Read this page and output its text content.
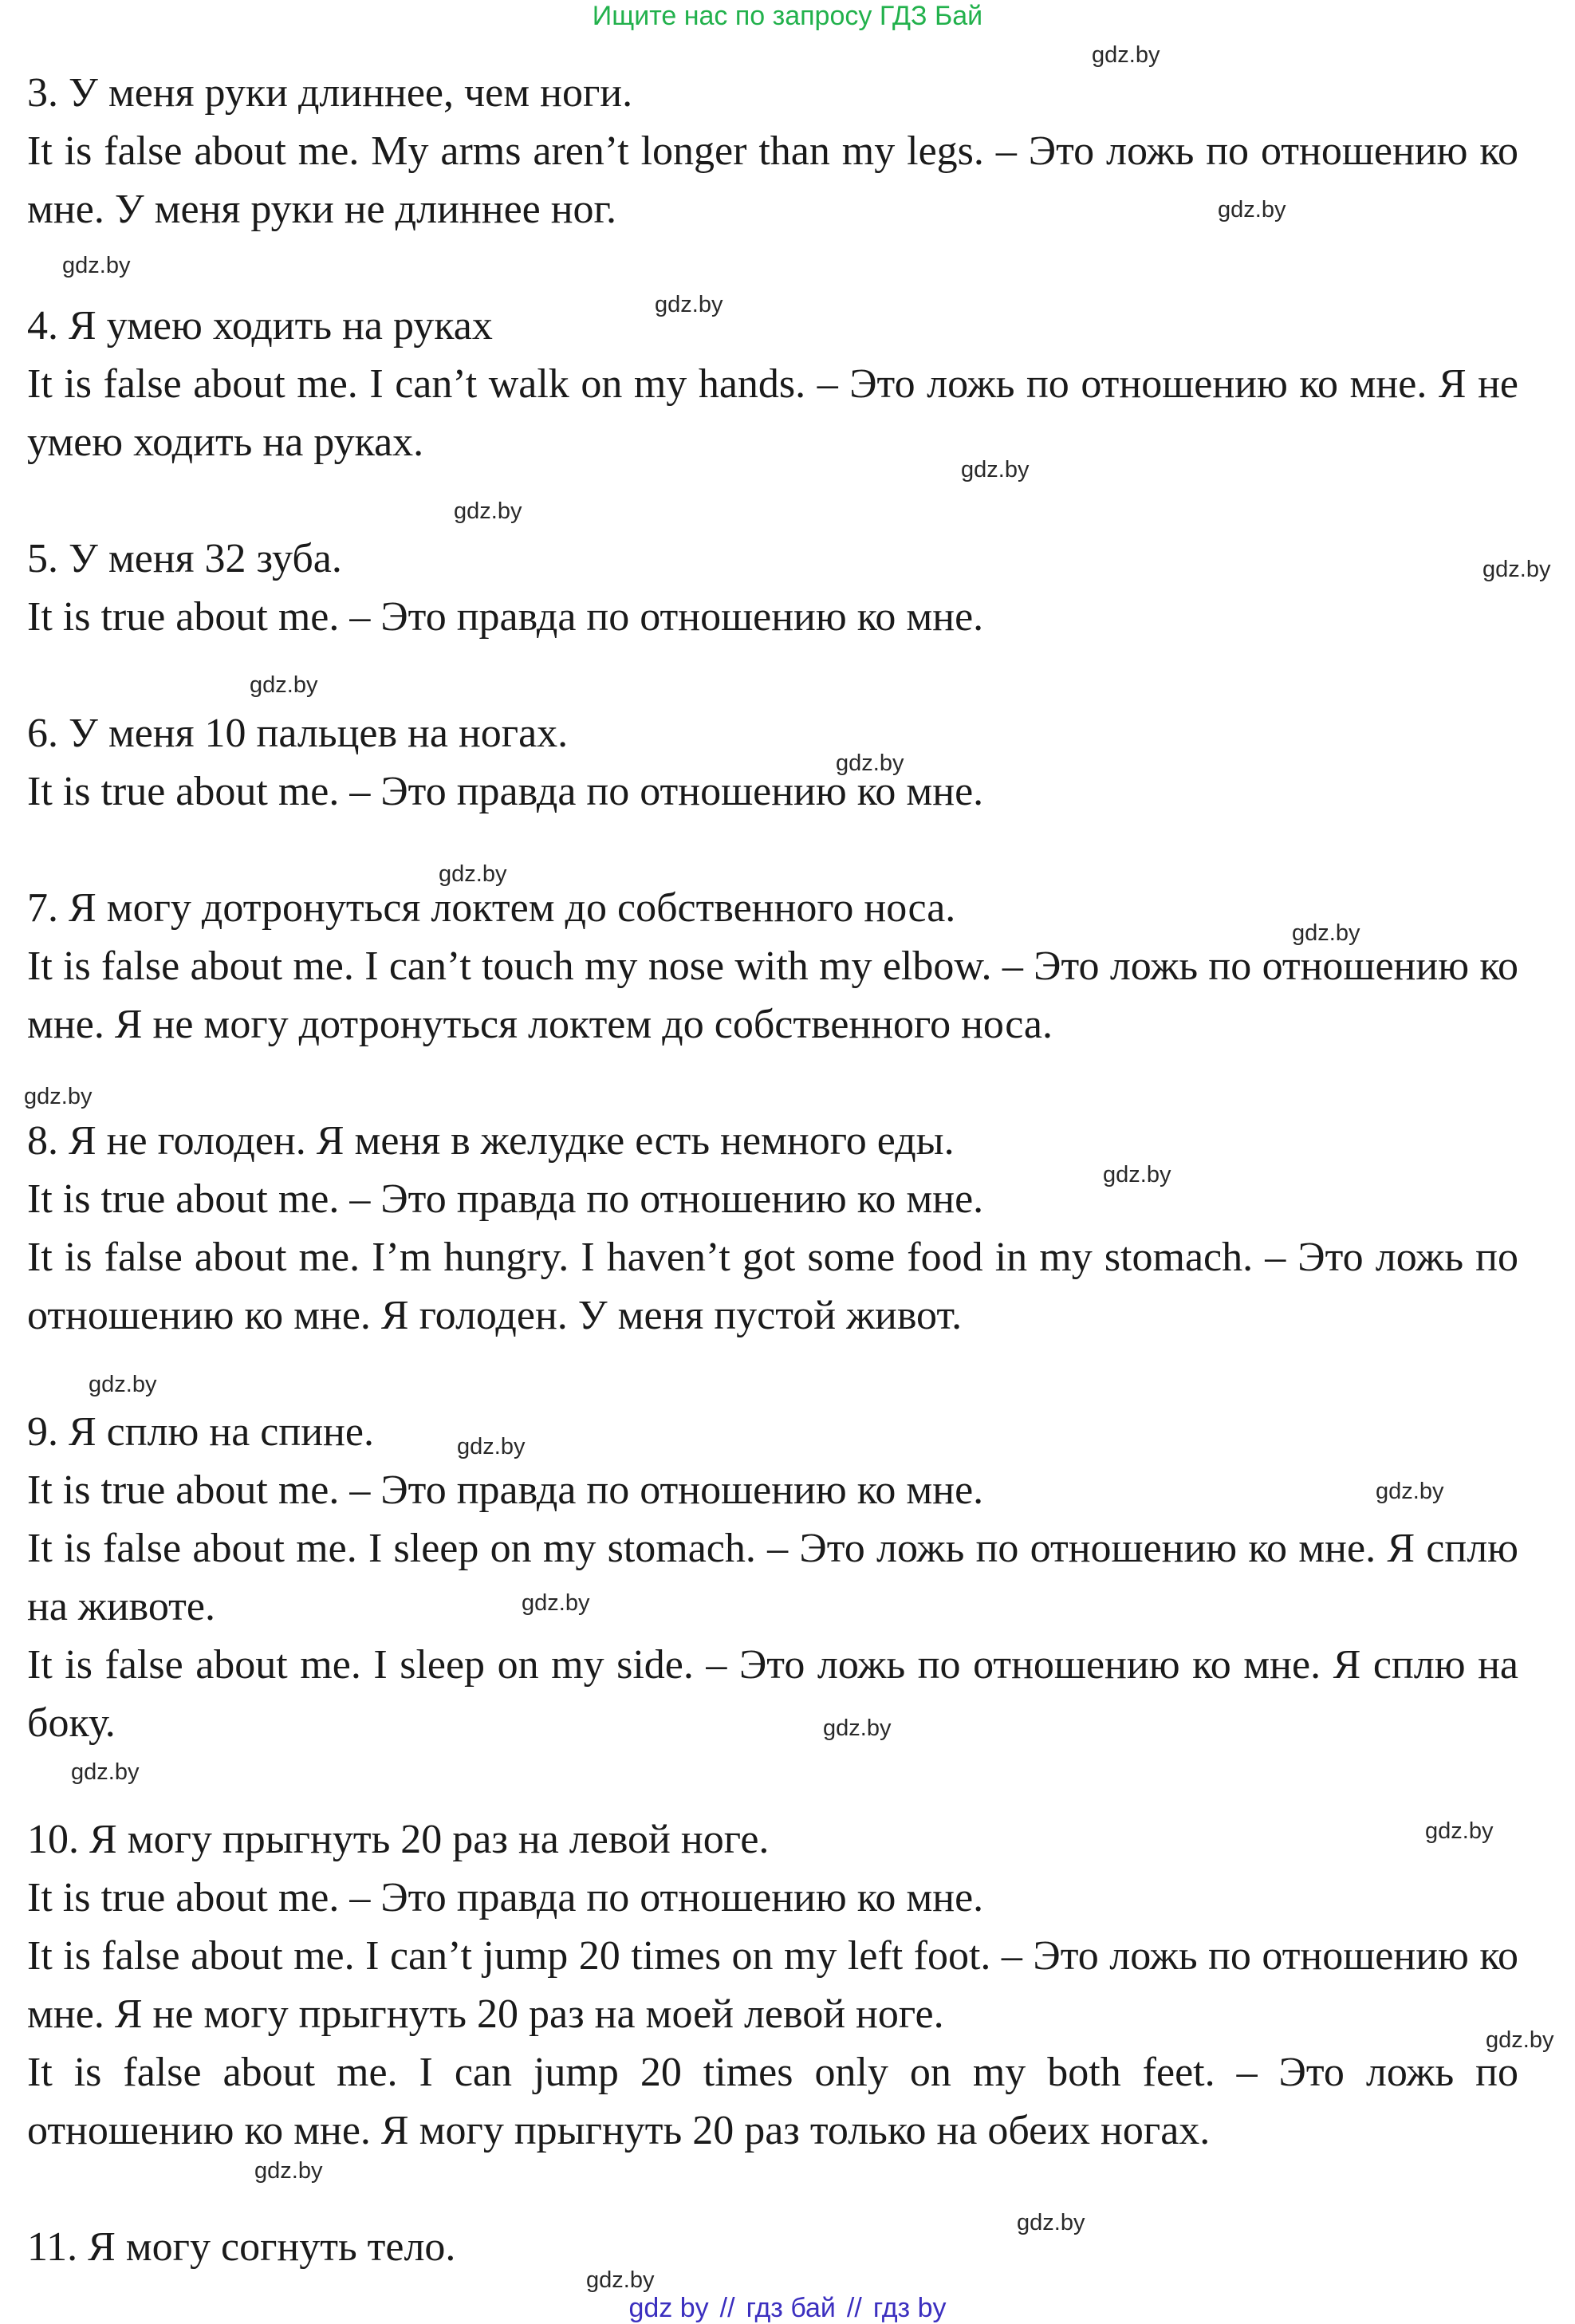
Ищите нас по запросу ГДЗ Бай

3. У меня руки длиннее, чем ноги.

It is false about me. My arms aren’t longer than my legs. – Это ложь по отношению ко мне. У меня руки не длиннее ног.

4. Я умею ходить на руках

It is false about me. I can’t walk on my hands. – Это ложь по отношению ко мне. Я не умею ходить на руках.

5. У меня 32 зуба.

It is true about me. – Это правда по отношению ко мне.

6. У меня 10 пальцев на ногах.

It is true about me. – Это правда по отношению ко мне.

7. Я могу дотронуться локтем до собственного носа.

It is false about me. I can’t touch my nose with my elbow. – Это ложь по отношению ко мне. Я не могу дотронуться локтем до собственного носа.

8. Я не голоден. Я меня в желудке есть немного еды.

It is true about me. – Это правда по отношению ко мне.

It is false about me. I’m hungry. I haven’t got some food in my stomach. – Это ложь по отношению ко мне. Я голоден. У меня пустой живот.

9. Я сплю на спине.

It is true about me. – Это правда по отношению ко мне.

It is false about me. I sleep on my stomach. – Это ложь по отношению ко мне. Я сплю на животе.

It is false about me. I sleep on my side. – Это ложь по отношению ко мне. Я сплю на боку.

10. Я могу прыгнуть 20 раз на левой ноге.

It is true about me. – Это правда по отношению ко мне.

It is false about me. I can’t jump 20 times on my left foot. – Это ложь по отношению ко мне. Я не могу прыгнуть 20 раз на моей левой ноге.

It is false about me. I can jump 20 times only on my both feet. – Это ложь по отношению ко мне. Я могу прыгнуть 20 раз только на обеих ногах.

11. Я могу согнуть тело.

gdz.by
gdz.by
gdz.by
gdz.by
gdz.by
gdz.by
gdz.by
gdz.by
gdz.by
gdz.by
gdz.by
gdz.by
gdz.by
gdz.by
gdz.by
gdz.by
gdz.by
gdz.by
gdz.by
gdz.by
gdz.by
gdz.by
gdz.by
gdz.by
gdz by // гдз бай // гдз by
